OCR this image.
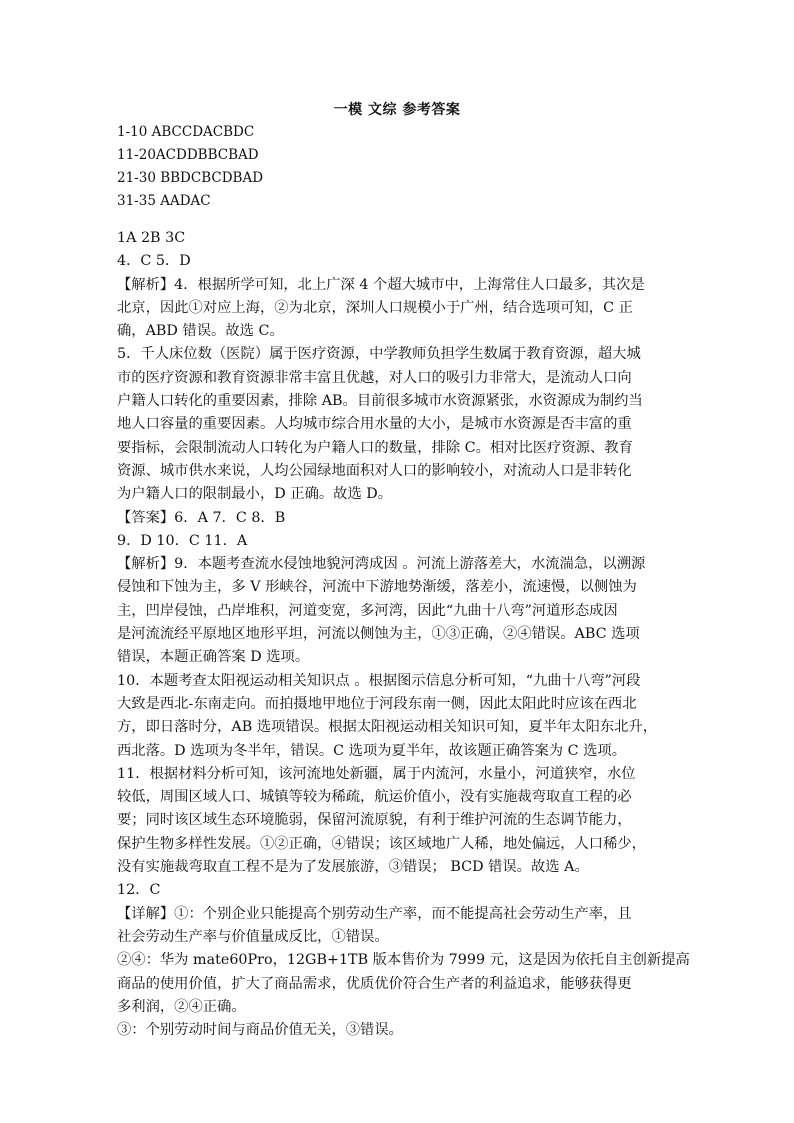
一模 文综 参考答案
1-10 ABCCDACBDC
11-20ACDDBBCBAD
21-30 BBDCBCDBAD
31-35 AADAC
1A 2B 3C
4．C 5．D
【解析】4．根据所学可知，北上广深 4 个超大城市中，上海常住人口最多，其次是
北京，因此①对应上海，②为北京，深圳人口规模小于广州，结合选项可知，C 正
确，ABD 错误。故选 C。
5．千人床位数（医院）属于医疗资源，中学教师负担学生数属于教育资源，超大城
市的医疗资源和教育资源非常丰富且优越，对人口的吸引力非常大，是流动人口向
户籍人口转化的重要因素，排除 AB。目前很多城市水资源紧张，水资源成为制约当
地人口容量的重要因素。人均城市综合用水量的大小，是城市水资源是否丰富的重
要指标，会限制流动人口转化为户籍人口的数量，排除 C。相对比医疗资源、教育
资源、城市供水来说，人均公园绿地面积对人口的影响较小，对流动人口是非转化
为户籍人口的限制最小，D 正确。故选 D。
【答案】6．A 7．C 8．B
9．D 10．C 11．A
【解析】9．本题考查流水侵蚀地貌河湾成因 。河流上游落差大，水流湍急，以溯源
侵蚀和下蚀为主，多 V 形峡谷，河流中下游地势渐缓，落差小，流速慢，以侧蚀为
主，凹岸侵蚀，凸岸堆积，河道变宽，多河湾，因此“九曲十八弯”河道形态成因
是河流流经平原地区地形平坦，河流以侧蚀为主，①③正确，②④错误。ABC 选项
错误，本题正确答案 D 选项。
10．本题考查太阳视运动相关知识点 。根据图示信息分析可知，“九曲十八弯”河段
大致是西北-东南走向。而拍摄地甲地位于河段东南一侧，因此太阳此时应该在西北
方，即日落时分，AB 选项错误。根据太阳视运动相关知识可知，夏半年太阳东北升，
西北落。D 选项为冬半年，错误。C 选项为夏半年，故该题正确答案为 C 选项。
11．根据材料分析可知，该河流地处新疆，属于内流河，水量小，河道狭窄，水位
较低，周围区域人口、城镇等较为稀疏，航运价值小，没有实施裁弯取直工程的必
要；同时该区域生态环境脆弱，保留河流原貌，有利于维护河流的生态调节能力，
保护生物多样性发展。①②正确，④错误；该区域地广人稀，地处偏远，人口稀少，
没有实施裁弯取直工程不是为了发展旅游，③错误； BCD 错误。故选 A。
12．C
【详解】①：个别企业只能提高个别劳动生产率，而不能提高社会劳动生产率，且
社会劳动生产率与价值量成反比，①错误。
②④：华为 mate60Pro，12GB+1TB 版本售价为 7999 元，这是因为依托自主创新提高
商品的使用价值，扩大了商品需求，优质优价符合生产者的利益追求，能够获得更
多利润，②④正确。
③：个别劳动时间与商品价值无关，③错误。
